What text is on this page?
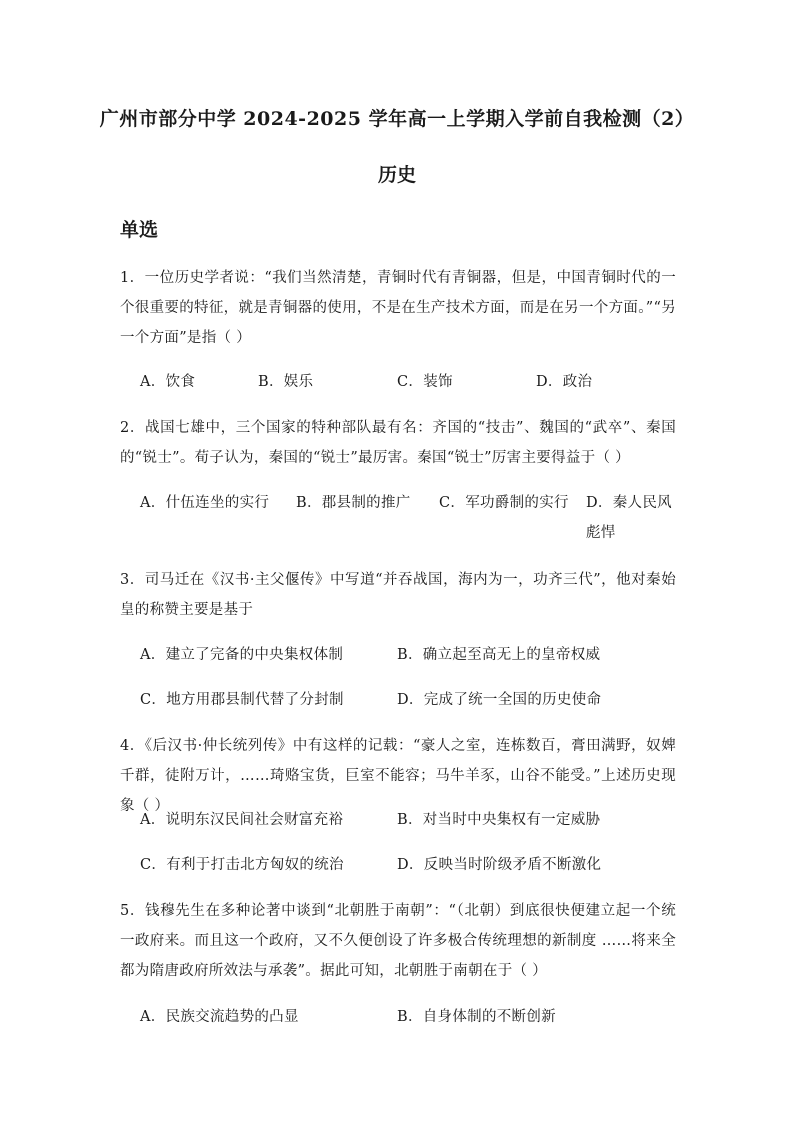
广州市部分中学 2024-2025 学年高一上学期入学前自我检测（2）
历史
单选
1．一位历史学者说：“我们当然清楚，青铜时代有青铜器，但是，中国青铜时代的一个很重要的特征，就是青铜器的使用，不是在生产技术方面，而是在另一个方面。”“另一个方面”是指（ ）
A．饮食	B．娱乐	C．装饰	D．政治
2．战国七雄中，三个国家的特种部队最有名：齐国的“技击”、魏国的“武卒”、秦国的“锐士”。荀子认为，秦国的“锐士”最厉害。秦国“锐士”厉害主要得益于（ ）
A．什伍连坐的实行 B．郡县制的推广 C．军功爵制的实行 D．秦人民风彪悍
3．司马迁在《汉书·主父偃传》中写道“并吞战国，海内为一，功齐三代”，他对秦始皇的称赞主要是基于
A．建立了完备的中央集权体制	B．确立起至高无上的皇帝权威
C．地方用郡县制代替了分封制	D．完成了统一全国的历史使命
4．《后汉书·仲长统列传》中有这样的记载：“豪人之室，连栋数百，膏田满野，奴婢千群，徒附万计，……琦赂宝货，巨室不能容；马牛羊豕，山谷不能受。”上述历史现象（ ）
A．说明东汉民间社会财富充裕	B．对当时中央集权有一定威胁
C．有利于打击北方匈奴的统治	D．反映当时阶级矛盾不断激化
5．钱穆先生在多种论著中谈到“北朝胜于南朝”：“（北朝）到底很快便建立起一个统一政府来。而且这一个政府，又不久便创设了许多极合传统理想的新制度 ……将来全都为隋唐政府所效法与承袭”。据此可知，北朝胜于南朝在于（ ）
A．民族交流趋势的凸显	B．自身体制的不断创新
